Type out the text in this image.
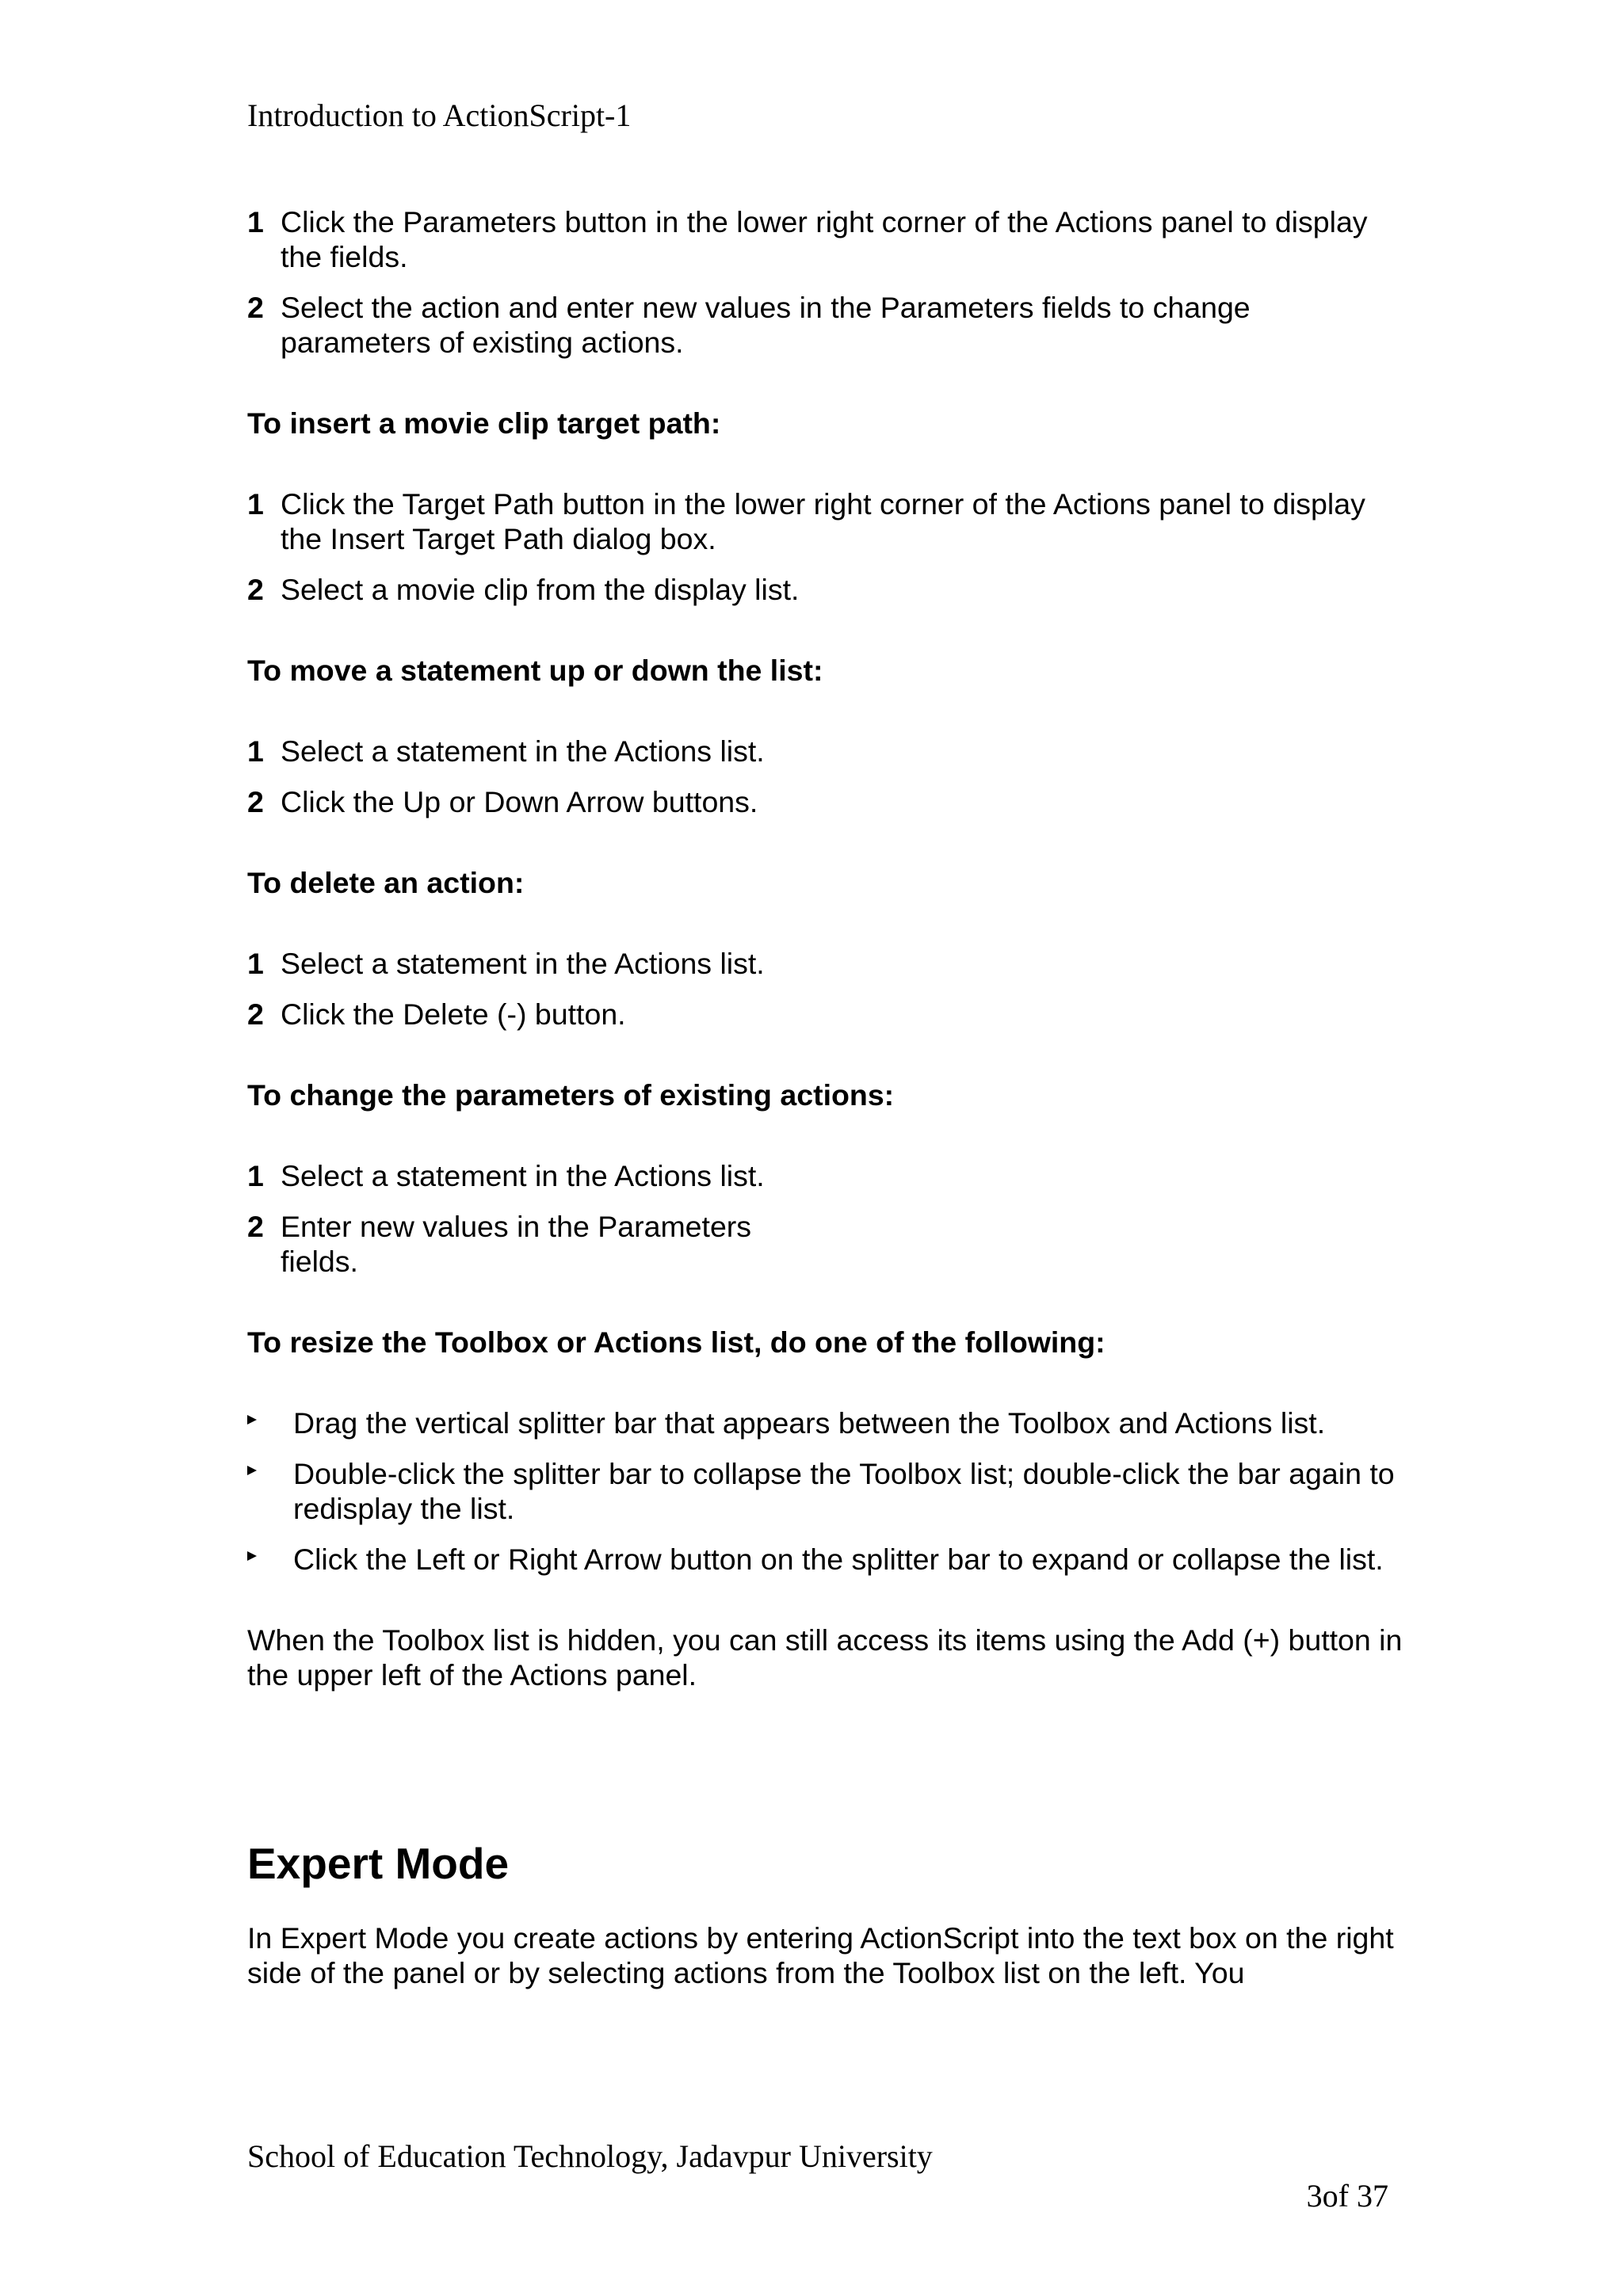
Introduction to ActionScript-1
1 Click the Parameters button in the lower right corner of the Actions panel to display the fields.
2 Select the action and enter new values in the Parameters fields to change parameters of existing actions.
To insert a movie clip target path:
1 Click the Target Path button in the lower right corner of the Actions panel to display the Insert Target Path dialog box.
2 Select a movie clip from the display list.
To move a statement up or down the list:
1 Select a statement in the Actions list.
2 Click the Up or Down Arrow buttons.
To delete an action:
1 Select a statement in the Actions list.
2 Click the Delete (-) button.
To change the parameters of existing actions:
1 Select a statement in the Actions list.
2 Enter new values in the Parameters fields.
To resize the Toolbox or Actions list, do one of the following:
Drag the vertical splitter bar that appears between the Toolbox and Actions list.
Double-click the splitter bar to collapse the Toolbox list; double-click the bar again to redisplay the list.
Click the Left or Right Arrow button on the splitter bar to expand or collapse the list.

When the Toolbox list is hidden, you can still access its items using the Add (+) button in the upper left of the Actions panel.

Expert Mode

In Expert Mode you create actions by entering ActionScript into the text box on the right side of the panel or by selecting actions from the Toolbox list on the left. You

School of Education Technology, Jadavpur University
3of 37
